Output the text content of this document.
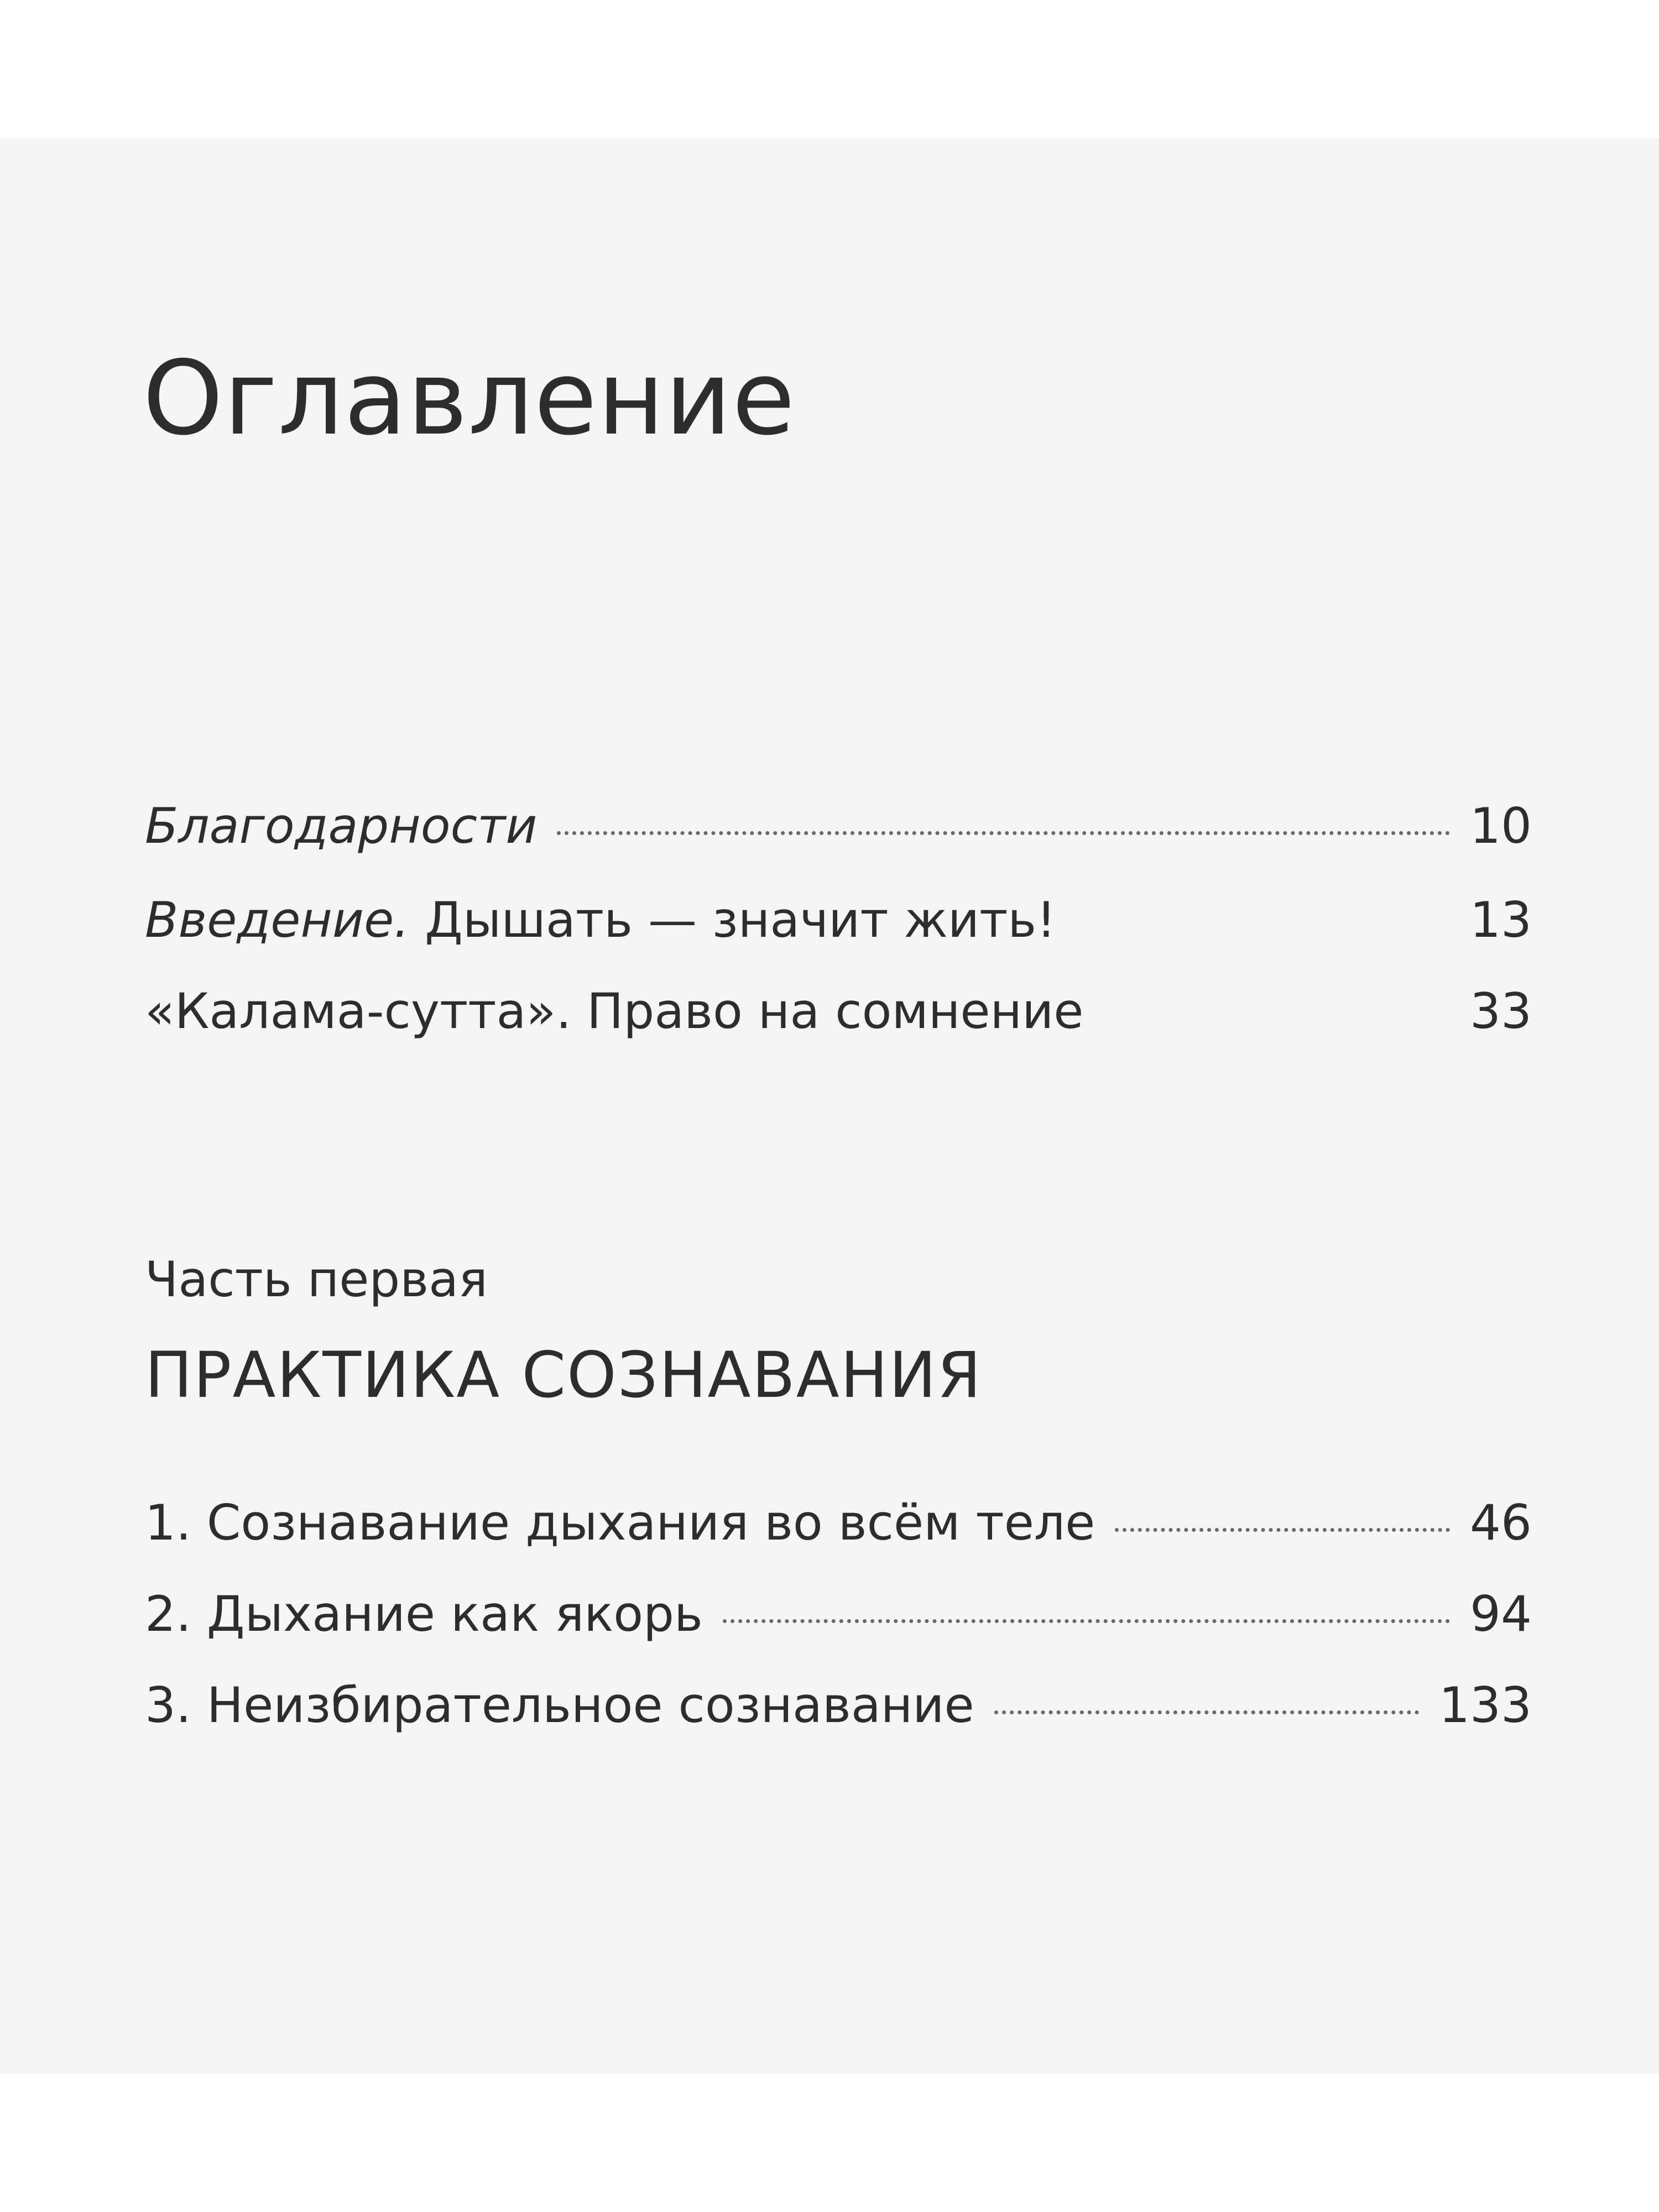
Оглавление
Благодарности	10
Введение. Дышать — значит жить!	13
«Калама-сутта». Право на сомнение	33
Часть первая
ПРАКТИКА СОЗНАВАНИЯ
1. Сознавание дыхания во всём теле	46
2. Дыхание как якорь	94
3. Неизбирательное сознавание	133
